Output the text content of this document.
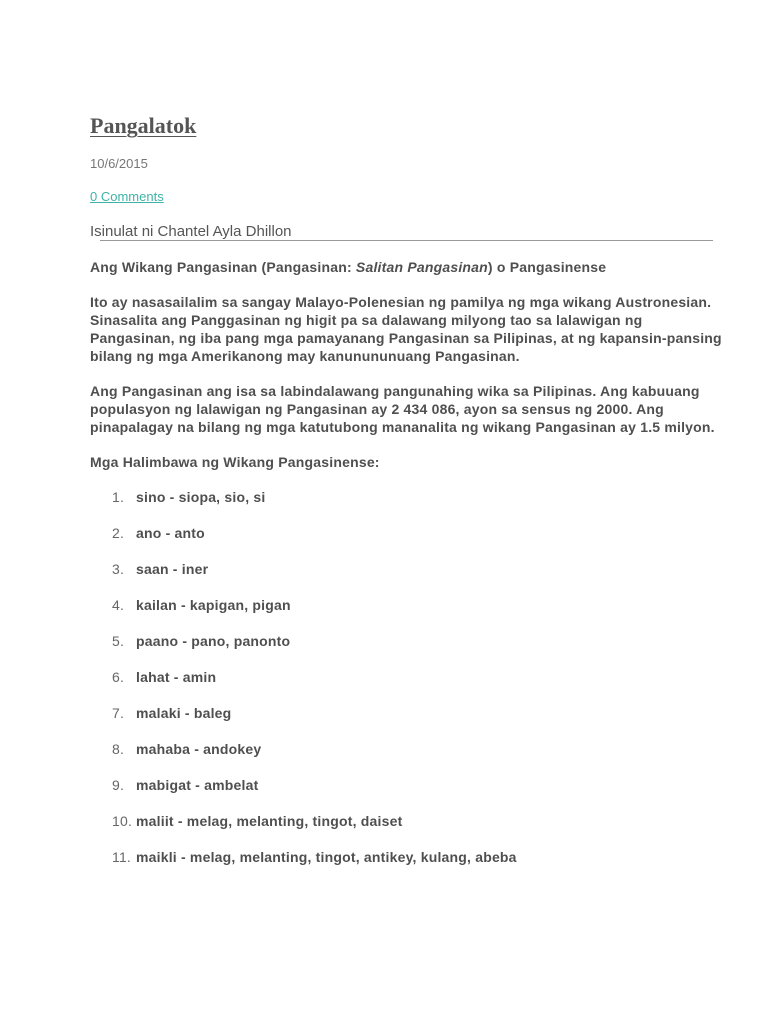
Pangalatok
10/6/2015
0 Comments
Isinulat ni Chantel Ayla Dhillon

Ang Wikang Pangasinan (Pangasinan: Salitan Pangasinan) o Pangasinense

Ito ay nasasailalim sa sangay Malayo-Polenesian ng pamilya ng mga wikang Austronesian. Sinasalita ang Panggasinan ng higit pa sa dalawang milyong tao sa lalawigan ng Pangasinan, ng iba pang mga pamayanang Pangasinan sa Pilipinas, at ng kapansin-pansing bilang ng mga Amerikanong may kanunununuang Pangasinan.

Ang Pangasinan ang isa sa labindalawang pangunahing wika sa Pilipinas. Ang kabuuang populasyon ng lalawigan ng Pangasinan ay 2 434 086, ayon sa sensus ng 2000. Ang pinapalagay na bilang ng mga katutubong mananalita ng wikang Pangasinan ay 1.5 milyon.

Mga Halimbawa ng Wikang Pangasinense:

1. sino - siopa, sio, si
2. ano - anto
3. saan - iner
4. kailan - kapigan, pigan
5. paano - pano, panonto
6. lahat - amin
7. malaki - baleg
8. mahaba - andokey
9. mabigat - ambelat
10. maliit - melag, melanting, tingot, daiset
11. maikli - melag, melanting, tingot, antikey, kulang, abeba
